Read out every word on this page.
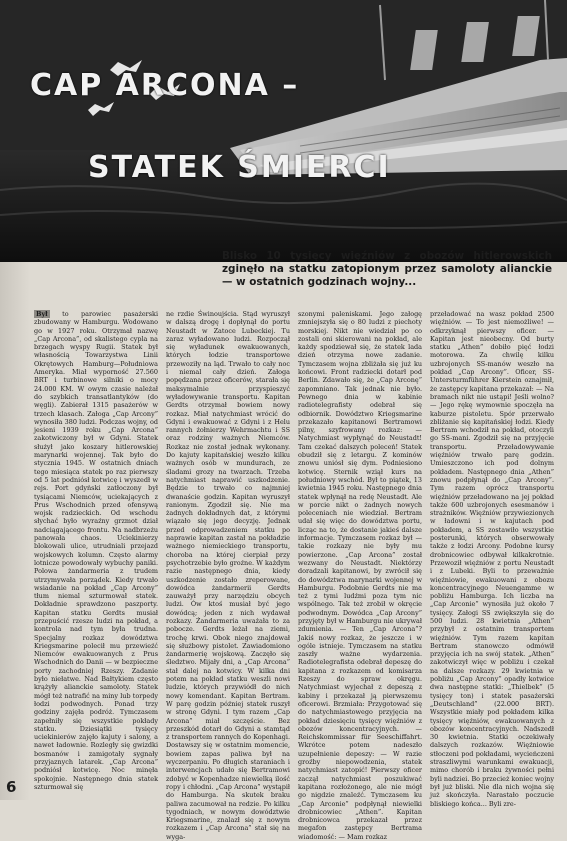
CAP ARCONA –
STATEK ŚMIERCI
Blisko 10 tysięcy więźniów z obozów hitlerowskich zginęło na statku zatopionym przez samoloty alianckie — w ostatnich godzinach wojny...

Był to parowiec pasażerski zbudowany w Hamburgu. Wodowano go w 1927 roku. Otrzymał nazwę „Cap Arcona”, od skalistego cypla na brzegach wyspy Rugii. Statek był własnością Towarzystwa Linii Okrętowych Hamburg—Południowa Ameryka. Miał wyporność 27.560 BRT i turbinowe silniki o mocy 24.000 KM. W owym czasie należał do szybkich transatlantyków (do węgli). Zabierał 1315 pasażerów w trzech klasach. Załoga „Cap Arcony” wynosiła 380 ludzi. Podczas wojny, od jesieni 1939 roku „Cap Arcona” zakotwiczony był w Gdyni. Statek służył jako koszary hitlerowskiej marynarki wojennej. Tak było do stycznia 1945. W ostatnich dniach tego miesiąca statek po raz pierwszy od 5 lat podniósł kotwicę i wyszedł w rejs. Port gdyński zatłoczony był tysiącami Niemców, uciekających z Prus Wschodnich przed ofensywą wojsk radzieckich. Od wschodu słychać było wyraźny grzmot dział nadciągającego frontu. Na nadbrzeżu panowała chaos. Uciekinierzy blokowali ulice, utrudniali przejazd wojskowych kolumn. Często alarmy lotnicze powodowały wybuchy paniki. Polowa żandarmeria z trudem utrzymywała porządek. Kiedy trwało wsiadanie na pokład „Cap Arcony” tłum niemal szturmował statek. Dokładnie sprawdzono paszporty. Kapitan statku Gerdts musiał przepuścić rzesze ludzi na pokład, a kontrola nad tym była trudna. Specjalny rozkaz dowództwa Kriegsmarine polecił mu przewieźć Niemców ewakuowanych z Prus Wschodnich do Danii — w bezpieczne porty zachodniej Rzeszy. Zadanie było niełatwe. Nad Bałtykiem często krążyły alianckie samoloty. Statek mógł też natrafić na miny lub torpedy łodzi podwodnych. Ponad trzy godziny zajęła podróż. Tymczasem zapełniły się wszystkie pokłady statku. Dziesiątki tysięcy uciekinierów zajęło kajuty i salony, a nawet ładownie. Rozległy się gwizdki bosmanów i zamigotały sygnały przyjaznych latarek. „Cap Arcona” podniósł kotwicę. Noc minęła spokojnie. Następnego dnia statek szturmował się

ne rzdie Świnoujścia. Stąd wyruszył w dalszą drogę i dopłynął do portu Neustadt w Zatoce Lubeckiej. Tu zaraz wyładowano ludzi. Rozpoczął się wyładunek ewakuowanych, których łodzie transportowe przewoziły na ląd. Trwało to cały noc i niemal cały dzień. Załoga popędzana przez oficerów, starała się maksymalnie przyspieszyć wyładowywanie transportu. Kapitan Gerdts otrzymał bowiem nowy rozkaz. Miał natychmiast wrócić do Gdyni i ewakuować z Gdyni i z Helu rannych żołnierzy Wehrmachtu i SS oraz rodziny ważnych Niemców. Rozkaz nie został jednak wykonany. Do kajuty kapitańskiej weszło kilku ważnych osób w mundurach, ze śladami grozy na twarzach. Trzeba natychmiast naprawić uszkodzenie. Będzie to trwało co najmniej dwanaście godzin. Kapitan wyruszył ranionym. Zgodził się. Nie ma żadnych dokładnych dat, z którymi wiązało się jego decyzję. Jednak przed odprowadzeniem statku po naprawie kapitan zastał na pokładzie ważnego niemieckiego transportu, choroba na której cierpiał przy psychotrzebie było groźne. W każdym razie następnego dnia, kiedy uszkodzenie zostało zreperowane, dowódca żandarmerii Gerdts zauważył przy narzędziu obcych ludzi. Ów ktoś musiał być jego dowódcą; jeden z nich wydawał rozkazy. Żandarmeria uważała to za pobocze. Gerdts leżał na ziemi, trochę krwi. Obok niego znajdował się służbowy pistolet. Zawiadomiono żandarmerię wojskową. Zaczęło się śledztwo. Mijały dni, a „Cap Arcona” stał dalej na kotwicy. W kilka dni potem na pokład statku weszli nowi ludzie, których przywiódł do nich nowy komendant. Kapitan Bertram. W parę godzin później statek ruszył w stronę Gdyni. I tym razem „Cap Arcona” miał szczęście. Bez przeszkód dotarł do Gdyni a stamtąd z transportem rannych do Kopenhagi. Dostawszy się w ostatnim momencie, bowiem zapas paliwa był na wyczerpaniu. Po długich staraniach i interwencjach udało się Bertramowi zdobyć w Kopenhadze niewielką ilość ropy i chłodni. „Cap Arcona” wystąpił do Hamburga. Na skutek braku paliwa zacumował na redzie. Po kilku tygodniach, w nowym dowództwie Kriegsmarine, znalazł się z nowym rozkazem i „Cap Arcona” stał się na wyga-

szonymi paleniskami. Jego załogę zmniejszyła się o 80 ludzi z piechoty morskiej. Nikt nie wiedział po co zostali oni skierowani na pokład, ale każdy spodziewał się, że statek lada dzień otrzyma nowe zadanie. Tymczasem wojna zbliżała się już ku końcowi. Front radziecki dotarł pod Berlin. Zdawało się, że „Cap Arconę” zapomniano. Tak jednak nie było. Pewnego dnia w kabinie radiotelegrafisty odebrał się odbiornik. Dowództwo Kriegsmarine przekazało kapitanowi Bertramowi pilny, szyfrowany rozkaz: — Natychmiast wypłynąć do Neustadt! Tam czekać dalszych poleceń! Statek obudził się z letargu. Z kominów znowu uniósł się dym. Podniesiono kotwicę. Sternik wziął kurs na południowy wschód. Był to piątek, 13 kwietnia 1945 roku. Następnego dnia statek wpłynął na redę Neustadt. Ale w porcie nikt o żadnych nowych poleceniach nie wiedział. Bertram udał się więc do dowództwa portu, licząc na to, że dostanie jakieś dalsze informacje. Tymczasem rozkaz był — takie rozkazy nie były mu powierzone. „Cap Arcona” został wezwany do Neustadt. Niektórzy doradzali kapitanowi, by zwrócił się do dowództwa marynarki wojennej w Hamburgu. Podobnie Gerdts nie ma też z tymi ludźmi poza tym nic wspólnego. Tak też zrobił w okręcie podwodnym. Dowódca „Cap Arcony” przyjęty był w Hamburgu nie ukrywał zdumienia. — Ten „Cap Arcona”? Jakiś nowy rozkaz, że jeszcze i w ogóle istnieje. Tymczasem na statku zaszły ważne wydarzenia. Radiotelegrafista odebrał depeszę do kapitana z rozkazem od komisarza Rzeszy do spraw okręgu. Natychmiast wyjechał z depeszą z kabiny i przekazał ją pierwszemu oficerowi. Brzmiała: Przygotować się do natychmiastowego przyjęcia na pokład dziesięciu tysięcy więźniów z obozów koncentracyjnych. — Reichskommissar für Seeschiffahrt. Wkrótce potem nadeszło uzupełnienie depeszy: — W razie groźby niepowodzenia, statek natychmiast zatopić! Pierwszy oficer zaczął natychmiast poszukiwać kapitana rozłożonego, ale nie mógł go nigdzie znaleźć. Tymczasem ku „Cap Arconie” podpłynął niewielki drobnicowiec „Athen”. Kapitan drobnicowca przekazał przez megafon zastępcy Bertrama wiadomość: — Mam rozkaz

przeładować na wasz pokład 2500 więźniów. — To jest niemożliwe! — odkrzyknął pierwszy oficer. — Kapitan jest nieobecny. Od burty statku „Athen” dobiło pięć łodzi motorowa. Za chwilę kilku uzbrojonych SS-manów weszło na pokład „Cap Arcony”. Oficer, SS-Untersturmführer Kierstein oznajmił, że zastępcy kapitana przekazał: — Na bramach nikt nie ustąpi! Jeśli wolno? — Jego rękę wymownie spoczęła na kaburze pistoletu. Spór przerwało zbliżanie się kapitańskiej łodzi. Kiedy Bertram wchodził na pokład, otoczyli go SS-mani. Zgodził się na przyjęcie transportu. Przeładowywanie więźniów trwało parę godzin. Umieszczono ich pod dolnym pokładem. Następnego dnia „Athen” znowu podpłynął do „Cap Arcony”. Tym razem oprócz transportu więźniów przeładowano na jej pokład także 600 uzbrojonych esesmanów i strażników. Więźniów przywiezionych w ładowni i w kajutach pod pokładem, a SS zostawiło wszystkie posterunki, których obserwowały także z łodzi Arcony. Podobne kursy drobnicowiec odbywał kilkakrotnie. Przewoził więźniów z portu Neustadt i z Lubeki. Byli to przeważnie więźniowie, ewakuowani z obozu koncentracyjnego Neuengamme w pobliżu Hamburga. Ich liczba na „Cap Arconie” wynosiła już około 7 tysięcy. Załogi SS zwiększyła się do 500 ludzi. 28 kwietnia „Athen” przybył z ostatnim transportem więźniów. Tym razem kapitan Bertram stanowczo odmówił przyjęcia ich na swój statek. „Athen” zakotwiczył więc w pobliżu i czekał na dalsze rozkazy. 29 kwietnia w pobliżu „Cap Arcony” opadły kotwice dwa następne statki: „Thielbek” (5 tysięcy ton) i statek pasażerski „Deutschland” (22.000 BRT). Wszystkie miały pod pokładem kilka tysięcy więźniów, ewakuowanych z obozów koncentracyjnych. Nadszedł 30 kwietnia. Statki oczekiwały dalszych rozkazów. Więźniowie stłoczeni pod pokładami, wycieńczeni straszliwymi warunkami ewakuacji, mimo chorób i braku żywności pełni byli nadziei. Bo przecież koniec wojny był już bliski. Nie dla nich wojna się już skończyła. Narastało poczucie bliskiego końca... Byli zre-

6
